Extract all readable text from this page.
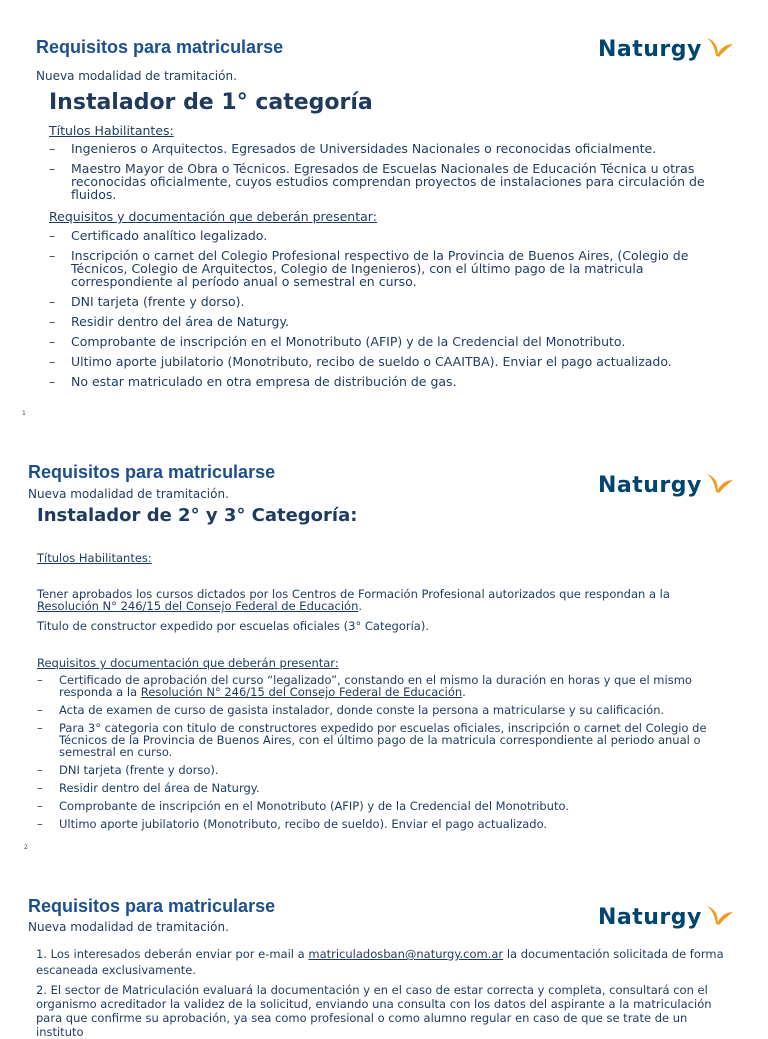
Requisitos para matricularse	Naturgy

Nueva modalidad de tramitación.

Instalador de 1° categoría

Títulos Habilitantes:

– Ingenieros o Arquitectos. Egresados de Universidades Nacionales o reconocidas oficialmente.
– Maestro Mayor de Obra o Técnicos. Egresados de Escuelas Nacionales de Educación Técnica u otras reconocidas oficialmente, cuyos estudios comprendan proyectos de instalaciones para circulación de fluidos.

Requisitos y documentación que deberán presentar:

– Certificado analítico legalizado.
– Inscripción o carnet del Colegio Profesional respectivo de la Provincia de Buenos Aires, (Colegio de Técnicos, Colegio de Arquitectos, Colegio de Ingenieros), con el último pago de la matricula correspondiente al período anual o semestral en curso.
– DNI tarjeta (frente y dorso).
– Residir dentro del área de Naturgy.
– Comprobante de inscripción en el Monotributo (AFIP) y de la Credencial del Monotributo.
– Ultimo aporte jubilatorio (Monotributo, recibo de sueldo o CAAITBA). Enviar el pago actualizado.
– No estar matriculado en otra empresa de distribución de gas.
1
Requisitos para matricularse

Nueva modalidad de tramitación.	Naturgy
Instalador de 2° y 3° Categoría:

Títulos Habilitantes:

Tener aprobados los cursos dictados por los Centros de Formación Profesional autorizados que respondan a la Resolución N° 246/15 del Consejo Federal de Educación.

Titulo de constructor expedido por escuelas oficiales (3° Categoría).

Requisitos y documentación que deberán presentar:

– Certificado de aprobación del curso “legalizado”, constando en el mismo la duración en horas y que el mismo responda a la Resolución N° 246/15 del Consejo Federal de Educación.
– Acta de examen de curso de gasista instalador, donde conste la persona a matricularse y su calificación.
– Para 3° categoria con titulo de constructores expedido por escuelas oficiales, inscripción o carnet del Colegio de Técnicos de la Provincia de Buenos Aires, con el último pago de la matricula correspondiente al periodo anual o semestral en curso.
– DNI tarjeta (frente y dorso).
– Residir dentro del área de Naturgy.
– Comprobante de inscripción en el Monotributo (AFIP) y de la Credencial del Monotributo.
– Ultimo aporte jubilatorio (Monotributo, recibo de sueldo). Enviar el pago actualizado.
2
Requisitos para matricularse

Nueva modalidad de tramitación.	Naturgy

1. Los interesados deberán enviar por e-mail a matriculadosban@naturgy.com.ar la documentación solicitada de forma escaneada exclusivamente.

2. El sector de Matriculación evaluará la documentación y en el caso de estar correcta y completa, consultará con el organismo acreditador la validez de la solicitud, enviando una consulta con los datos del aspirante a la matriculación para que confirme su aprobación, ya sea como profesional o como alumno regular en caso de que se trate de un instituto
